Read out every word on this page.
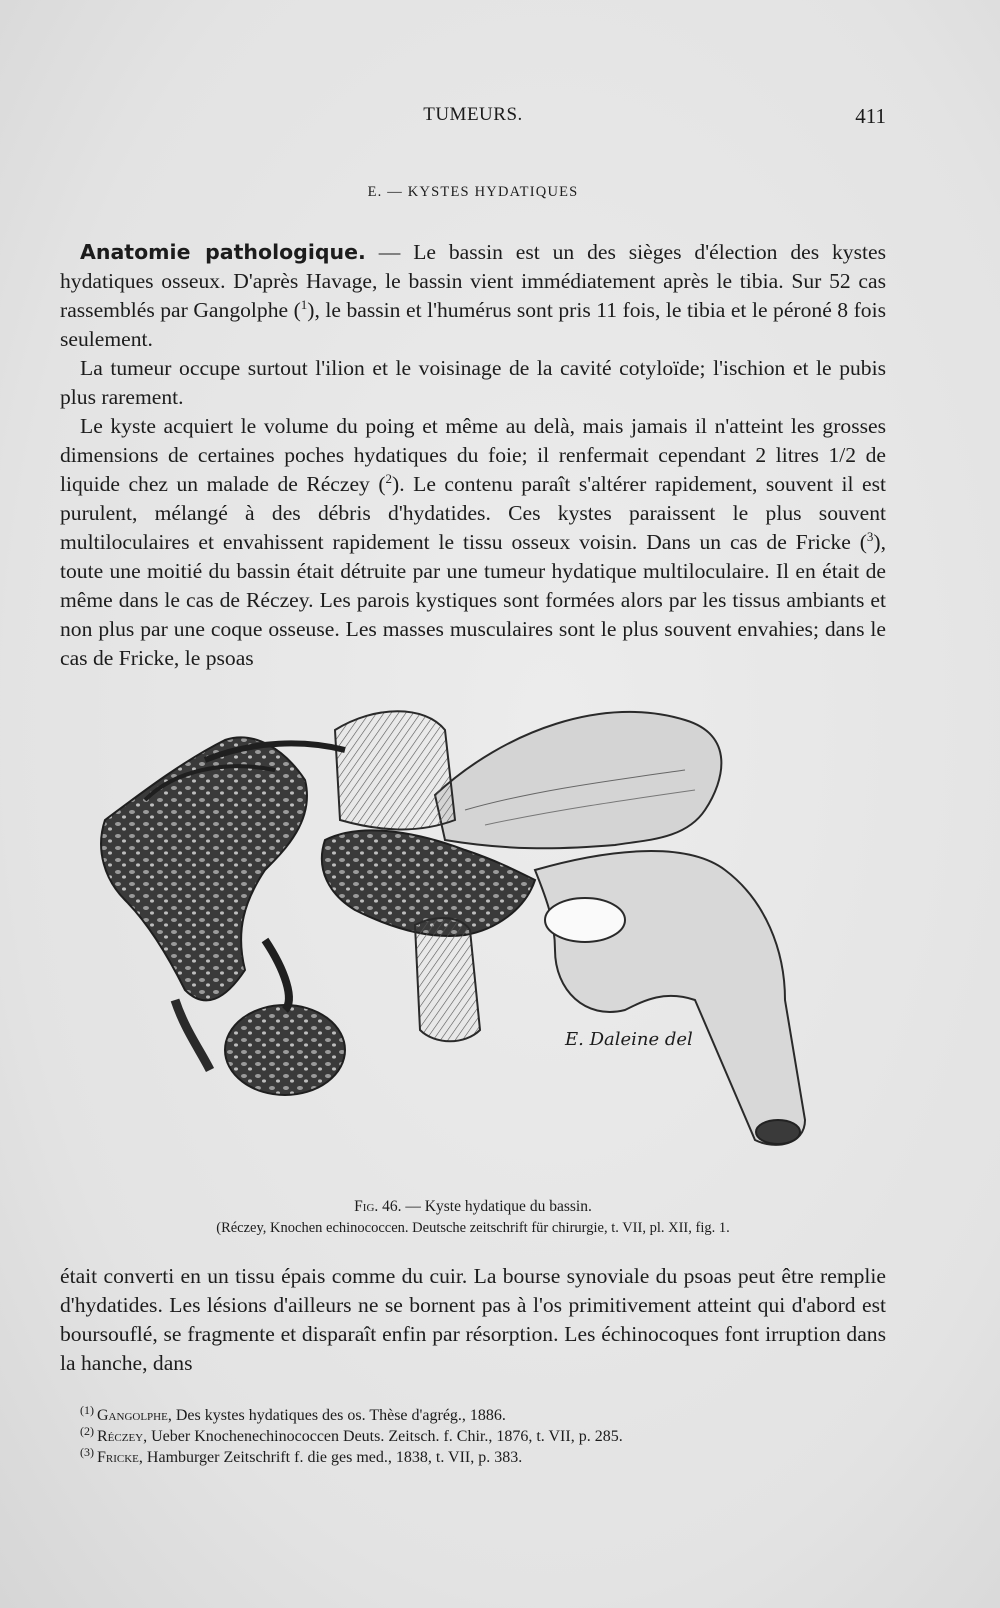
TUMEURS.	411
E. — KYSTES HYDATIQUES

Anatomie pathologique. — Le bassin est un des sièges d'élection des kystes hydatiques osseux. D'après Havage, le bassin vient immédiatement après le tibia. Sur 52 cas rassemblés par Gangolphe ($^1$), le bassin et l'humérus sont pris 11 fois, le tibia et le péroné 8 fois seulement.

La tumeur occupe surtout l'ilion et le voisinage de la cavité cotyloïde; l'ischion et le pubis plus rarement.

Le kyste acquiert le volume du poing et même au delà, mais jamais il n'atteint les grosses dimensions de certaines poches hydatiques du foie; il renfermait cependant 2 litres 1/2 de liquide chez un malade de Réczey ($^2$). Le contenu paraît s'altérer rapidement, souvent il est purulent, mélangé à des débris d'hydatides. Ces kystes paraissent le plus souvent multiloculaires et envahissent rapidement le tissu osseux voisin. Dans un cas de Fricke ($^3$), toute une moitié du bassin était détruite par une tumeur hydatique multiloculaire. Il en était de même dans le cas de Réczey. Les parois kystiques sont formées alors par les tissus ambiants et non plus par une coque osseuse. Les masses musculaires sont le plus souvent envahies; dans le cas de Fricke, le psoas

E. Daleine del
Fig. 46. — Kyste hydatique du bassin.
(Réczey, Knochen echinococcen. Deutsche zeitschrift für chirurgie, t. VII, pl. XII, fig. 1.

était converti en un tissu épais comme du cuir. La bourse synoviale du psoas peut être remplie d'hydatides. Les lésions d'ailleurs ne se bornent pas à l'os primitivement atteint qui d'abord est boursouflé, se fragmente et disparaît enfin par résorption. Les échinocoques font irruption dans la hanche, dans

$^{(1)}$ Gangolphe, Des kystes hydatiques des os. Thèse d'agrég., 1886.
$^{(2)}$ Réczey, Ueber Knochenechinococcen Deuts. Zeitsch. f. Chir., 1876, t. VII, p. 285.
$^{(3)}$ Fricke, Hamburger Zeitschrift f. die ges med., 1838, t. VII, p. 383.
